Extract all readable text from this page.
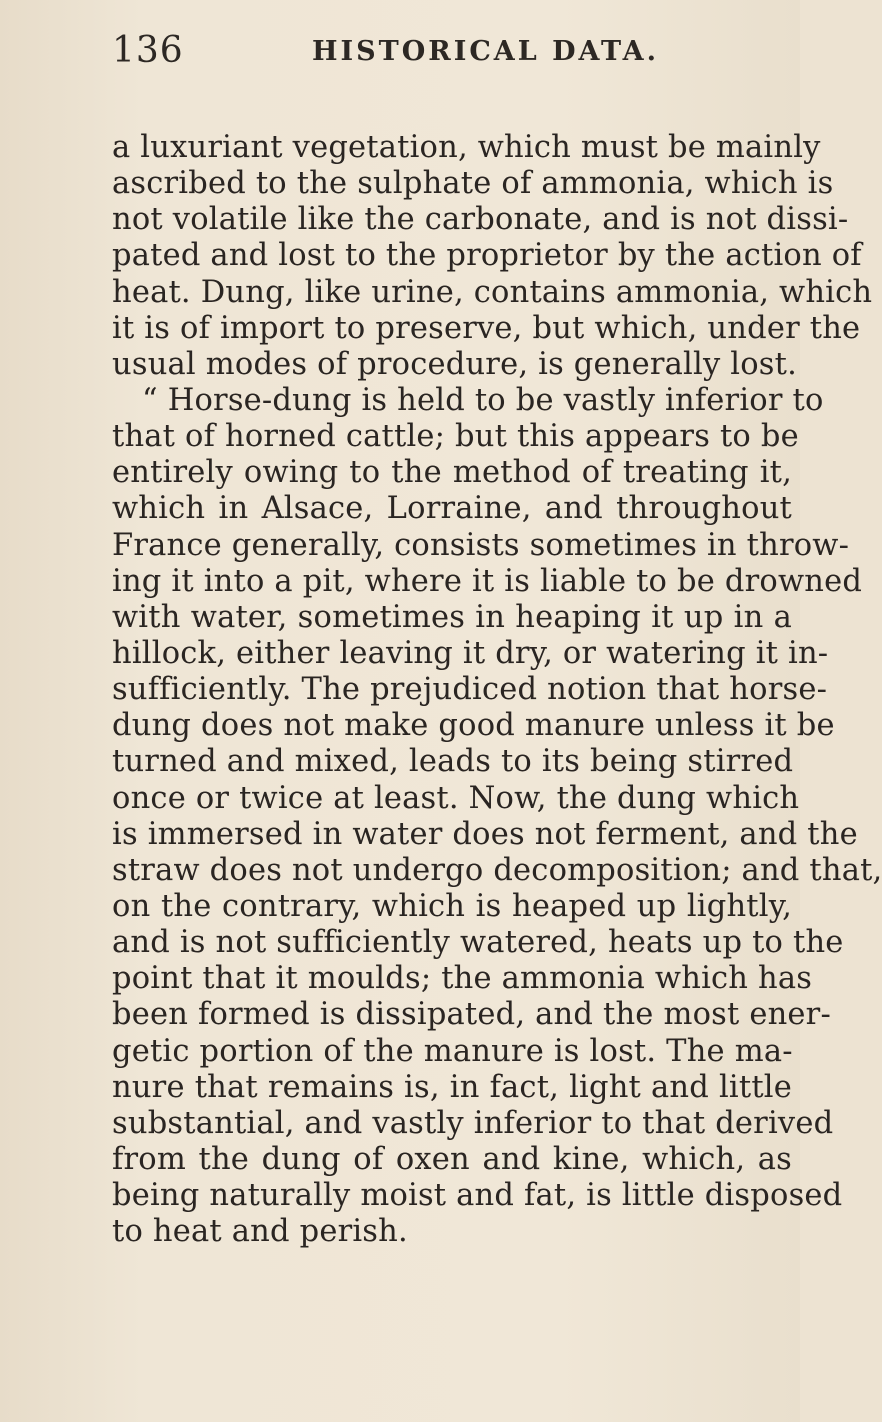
136	HISTORICAL DATA.
a luxuriant vegetation, which must be mainly
ascribed to the sulphate of ammonia, which is
not volatile like the carbonate, and is not dissi-
pated and lost to the proprietor by the action of
heat. Dung, like urine, contains ammonia, which
it is of import to preserve, but which, under the
usual modes of procedure, is generally lost.
“ Horse-dung is held to be vastly inferior to
that of horned cattle; but this appears to be
entirely owing to the method of treating it,
which in Alsace, Lorraine, and throughout
France generally, consists sometimes in throw-
ing it into a pit, where it is liable to be drowned
with water, sometimes in heaping it up in a
hillock, either leaving it dry, or watering it in-
sufficiently. The prejudiced notion that horse-
dung does not make good manure unless it be
turned and mixed, leads to its being stirred
once or twice at least. Now, the dung which
is immersed in water does not ferment, and the
straw does not undergo decomposition; and that,
on the contrary, which is heaped up lightly,
and is not sufficiently watered, heats up to the
point that it moulds; the ammonia which has
been formed is dissipated, and the most ener-
getic portion of the manure is lost. The ma-
nure that remains is, in fact, light and little
substantial, and vastly inferior to that derived
from the dung of oxen and kine, which, as
being naturally moist and fat, is little disposed
to heat and perish.
